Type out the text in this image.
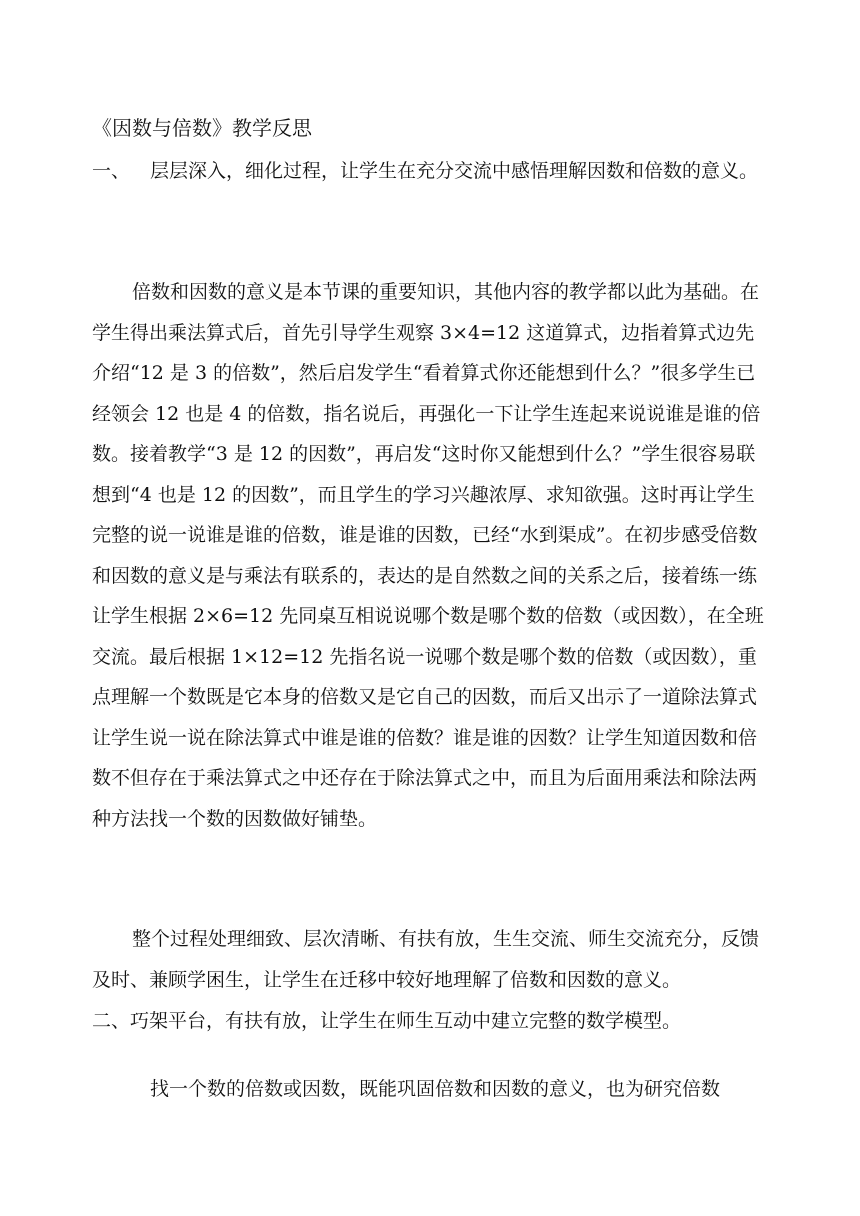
《因数与倍数》教学反思

一、 层层深入，细化过程，让学生在充分交流中感悟理解因数和倍数的意义。

倍数和因数的意义是本节课的重要知识，其他内容的教学都以此为基础。在学生得出乘法算式后，首先引导学生观察 3×4=12 这道算式，边指着算式边先介绍“12 是 3 的倍数”，然后启发学生“看着算式你还能想到什么？”很多学生已经领会 12 也是 4 的倍数，指名说后，再强化一下让学生连起来说说谁是谁的倍数。接着教学“3 是 12 的因数”，再启发“这时你又能想到什么？”学生很容易联想到“4 也是 12 的因数”，而且学生的学习兴趣浓厚、求知欲强。这时再让学生完整的说一说谁是谁的倍数，谁是谁的因数，已经“水到渠成”。在初步感受倍数和因数的意义是与乘法有联系的，表达的是自然数之间的关系之后，接着练一练让学生根据 2×6=12 先同桌互相说说哪个数是哪个数的倍数（或因数），在全班交流。最后根据 1×12=12 先指名说一说哪个数是哪个数的倍数（或因数），重点理解一个数既是它本身的倍数又是它自己的因数，而后又出示了一道除法算式让学生说一说在除法算式中谁是谁的倍数？谁是谁的因数？让学生知道因数和倍数不但存在于乘法算式之中还存在于除法算式之中，而且为后面用乘法和除法两种方法找一个数的因数做好铺垫。

整个过程处理细致、层次清晰、有扶有放，生生交流、师生交流充分，反馈及时、兼顾学困生，让学生在迁移中较好地理解了倍数和因数的意义。

二、巧架平台，有扶有放，让学生在师生互动中建立完整的数学模型。

找一个数的倍数或因数，既能巩固倍数和因数的意义，也为研究倍数
